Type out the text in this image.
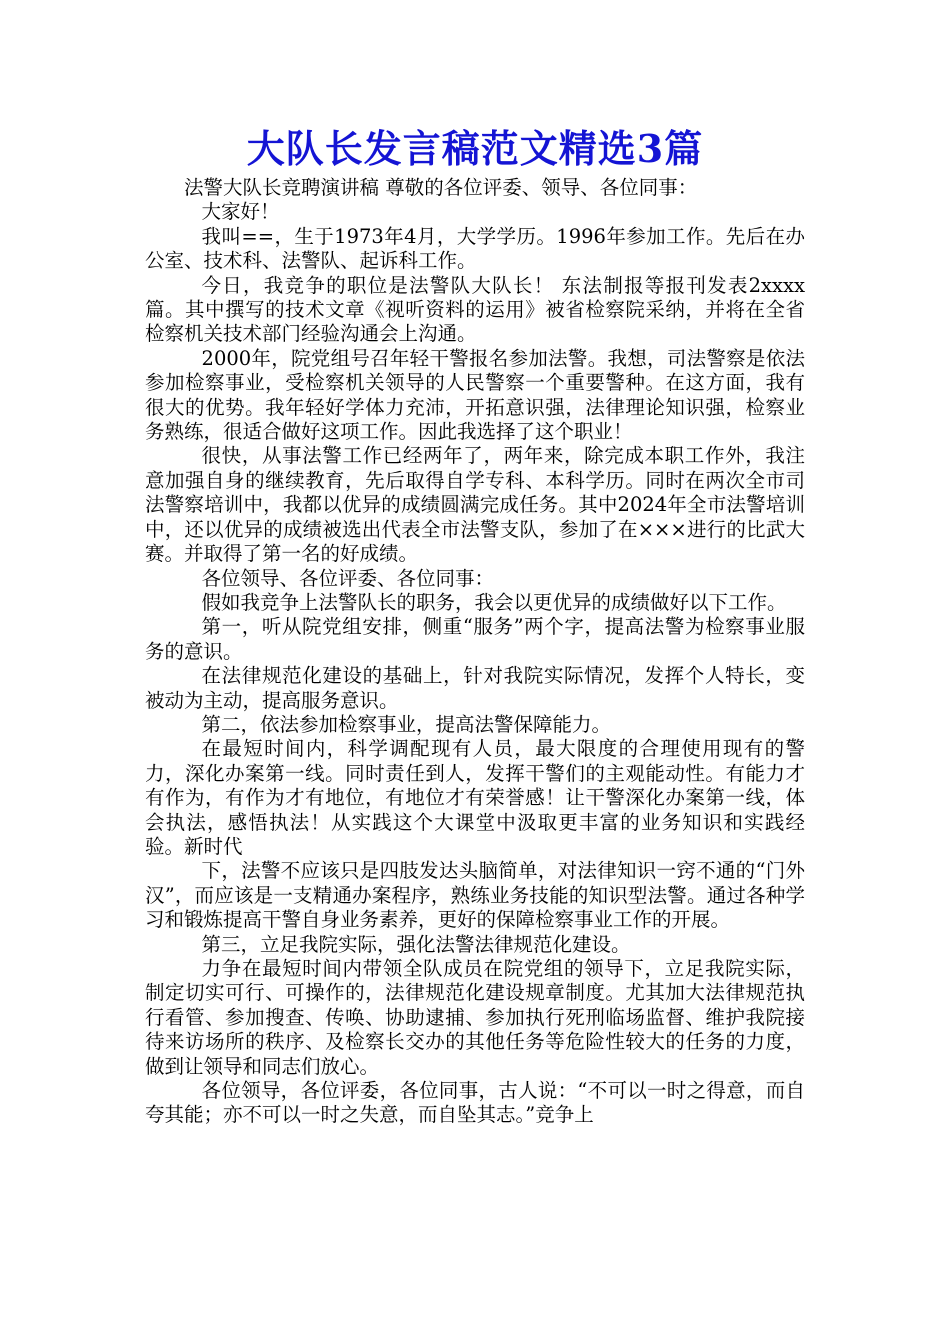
大队长发言稿范文精选3篇

法警大队长竞聘演讲稿 尊敬的各位评委、领导、各位同事：

大家好！

我叫==，生于1973年4月，大学学历。1996年参加工作。先后在办公室、技术科、法警队、起诉科工作。

今日，我竞争的职位是法警队大队长！ 东法制报等报刊发表2xxxx篇。其中撰写的技术文章《视听资料的运用》被省检察院采纳，并将在全省检察机关技术部门经验沟通会上沟通。

2000年，院党组号召年轻干警报名参加法警。我想，司法警察是依法参加检察事业，受检察机关领导的人民警察一个重要警种。在这方面，我有很大的优势。我年轻好学体力充沛，开拓意识强，法律理论知识强，检察业务熟练，很适合做好这项工作。因此我选择了这个职业！

很快，从事法警工作已经两年了，两年来，除完成本职工作外，我注意加强自身的继续教育，先后取得自学专科、本科学历。同时在两次全市司法警察培训中，我都以优异的成绩圆满完成任务。其中2024年全市法警培训中，还以优异的成绩被选出代表全市法警支队，参加了在×××进行的比武大赛。并取得了第一名的好成绩。

各位领导、各位评委、各位同事：

假如我竞争上法警队长的职务，我会以更优异的成绩做好以下工作。

第一，听从院党组安排，侧重“服务”两个字，提高法警为检察事业服务的意识。

在法律规范化建设的基础上，针对我院实际情况，发挥个人特长，变被动为主动，提高服务意识。

第二，依法参加检察事业，提高法警保障能力。

在最短时间内，科学调配现有人员，最大限度的合理使用现有的警力，深化办案第一线。同时责任到人，发挥干警们的主观能动性。有能力才有作为，有作为才有地位，有地位才有荣誉感！让干警深化办案第一线，体会执法，感悟执法！从实践这个大课堂中汲取更丰富的业务知识和实践经验。新时代

下，法警不应该只是四肢发达头脑简单，对法律知识一窍不通的“门外汉”，而应该是一支精通办案程序，熟练业务技能的知识型法警。通过各种学习和锻炼提高干警自身业务素养，更好的保障检察事业工作的开展。

第三，立足我院实际，强化法警法律规范化建设。

力争在最短时间内带领全队成员在院党组的领导下，立足我院实际，制定切实可行、可操作的，法律规范化建设规章制度。尤其加大法律规范执行看管、参加搜查、传唤、协助逮捕、参加执行死刑临场监督、维护我院接待来访场所的秩序、及检察长交办的其他任务等危险性较大的任务的力度，做到让领导和同志们放心。

各位领导，各位评委，各位同事，古人说：“不可以一时之得意，而自夸其能；亦不可以一时之失意，而自坠其志。”竞争上
